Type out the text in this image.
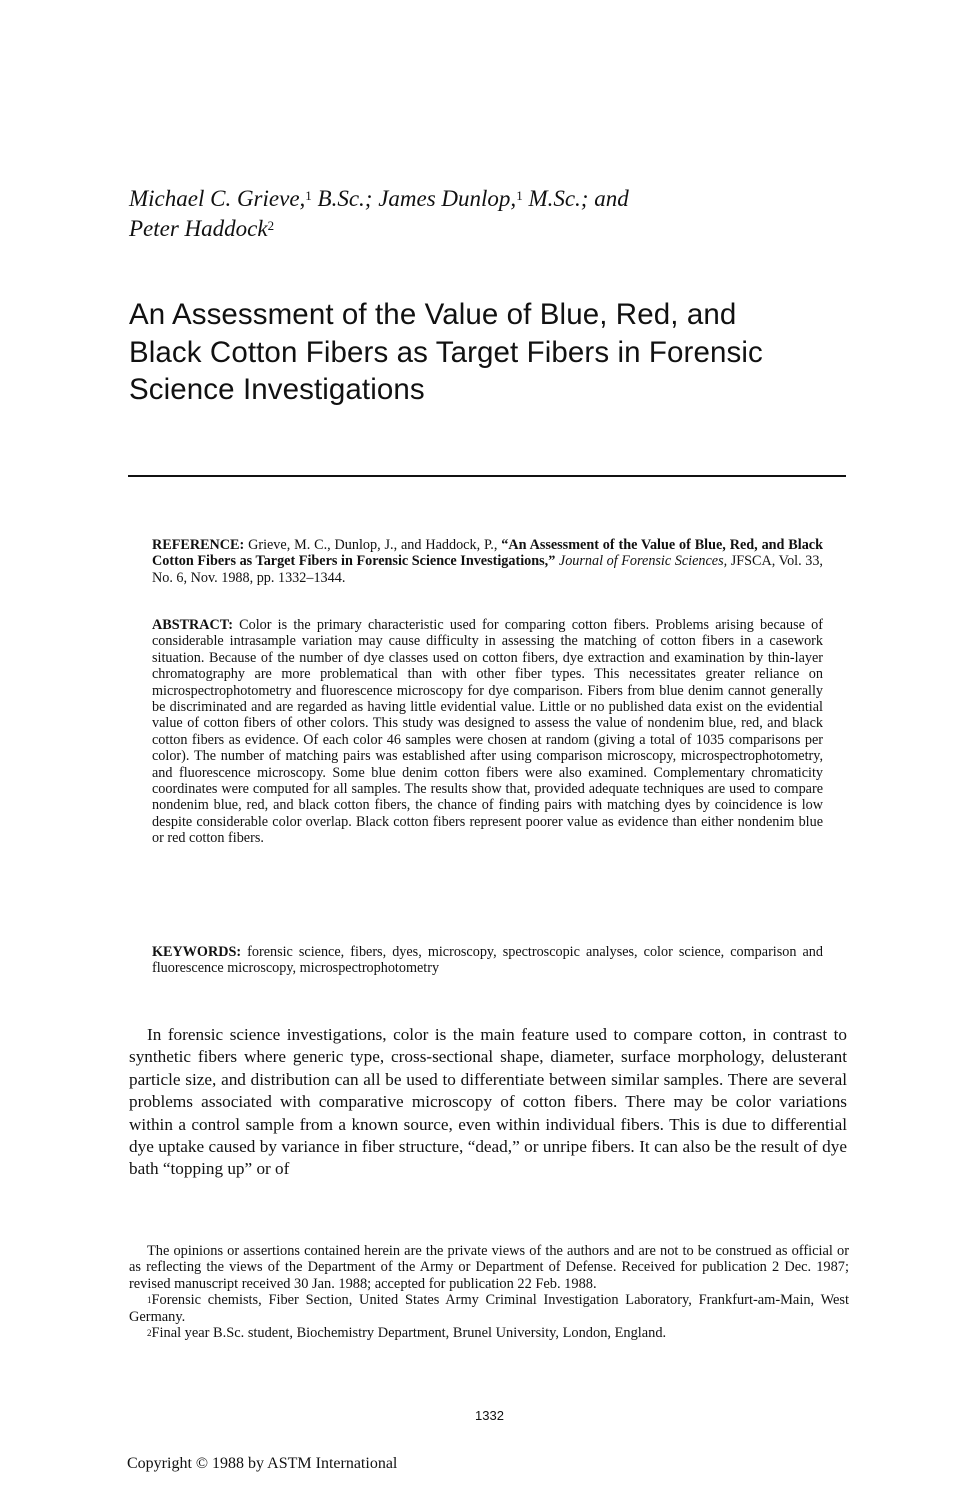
Michael C. Grieve,$^1$ B.Sc.; James Dunlop,$^1$ M.Sc.; and
Peter Haddock$^2$
An Assessment of the Value of Blue, Red, and
Black Cotton Fibers as Target Fibers in Forensic
Science Investigations
REFERENCE: Grieve, M. C., Dunlop, J., and Haddock, P., “An Assessment of the Value of Blue, Red, and Black Cotton Fibers as Target Fibers in Forensic Science Investigations,” Journal of Forensic Sciences, JFSCA, Vol. 33, No. 6, Nov. 1988, pp. 1332–1344.
ABSTRACT: Color is the primary characteristic used for comparing cotton fibers. Problems arising because of considerable intrasample variation may cause difficulty in assessing the matching of cotton fibers in a casework situation. Because of the number of dye classes used on cotton fibers, dye extraction and examination by thin-layer chromatography are more problematical than with other fiber types. This necessitates greater reliance on microspectrophotometry and fluorescence microscopy for dye comparison. Fibers from blue denim cannot generally be discriminated and are regarded as having little evidential value. Little or no published data exist on the evidential value of cotton fibers of other colors. This study was designed to assess the value of nondenim blue, red, and black cotton fibers as evidence. Of each color 46 samples were chosen at random (giving a total of 1035 comparisons per color). The number of matching pairs was established after using comparison microscopy, microspectrophotometry, and fluorescence microscopy. Some blue denim cotton fibers were also examined. Complementary chromaticity coordinates were computed for all samples. The results show that, provided adequate techniques are used to compare nondenim blue, red, and black cotton fibers, the chance of finding pairs with matching dyes by coincidence is low despite considerable color overlap. Black cotton fibers represent poorer value as evidence than either nondenim blue or red cotton fibers.
KEYWORDS: forensic science, fibers, dyes, microscopy, spectroscopic analyses, color science, comparison and fluorescence microscopy, microspectrophotometry
In forensic science investigations, color is the main feature used to compare cotton, in contrast to synthetic fibers where generic type, cross-sectional shape, diameter, surface morphology, delusterant particle size, and distribution can all be used to differentiate between similar samples. There are several problems associated with comparative microscopy of cotton fibers. There may be color variations within a control sample from a known source, even within individual fibers. This is due to differential dye uptake caused by variance in fiber structure, “dead,” or unripe fibers. It can also be the result of dye bath “topping up” or of

The opinions or assertions contained herein are the private views of the authors and are not to be construed as official or as reflecting the views of the Department of the Army or Department of Defense. Received for publication 2 Dec. 1987; revised manuscript received 30 Jan. 1988; accepted for publication 22 Feb. 1988.

$^1$Forensic chemists, Fiber Section, United States Army Criminal Investigation Laboratory, Frankfurt-am-Main, West Germany.

$^2$Final year B.Sc. student, Biochemistry Department, Brunel University, London, England.

1332
Copyright © 1988 by ASTM International
